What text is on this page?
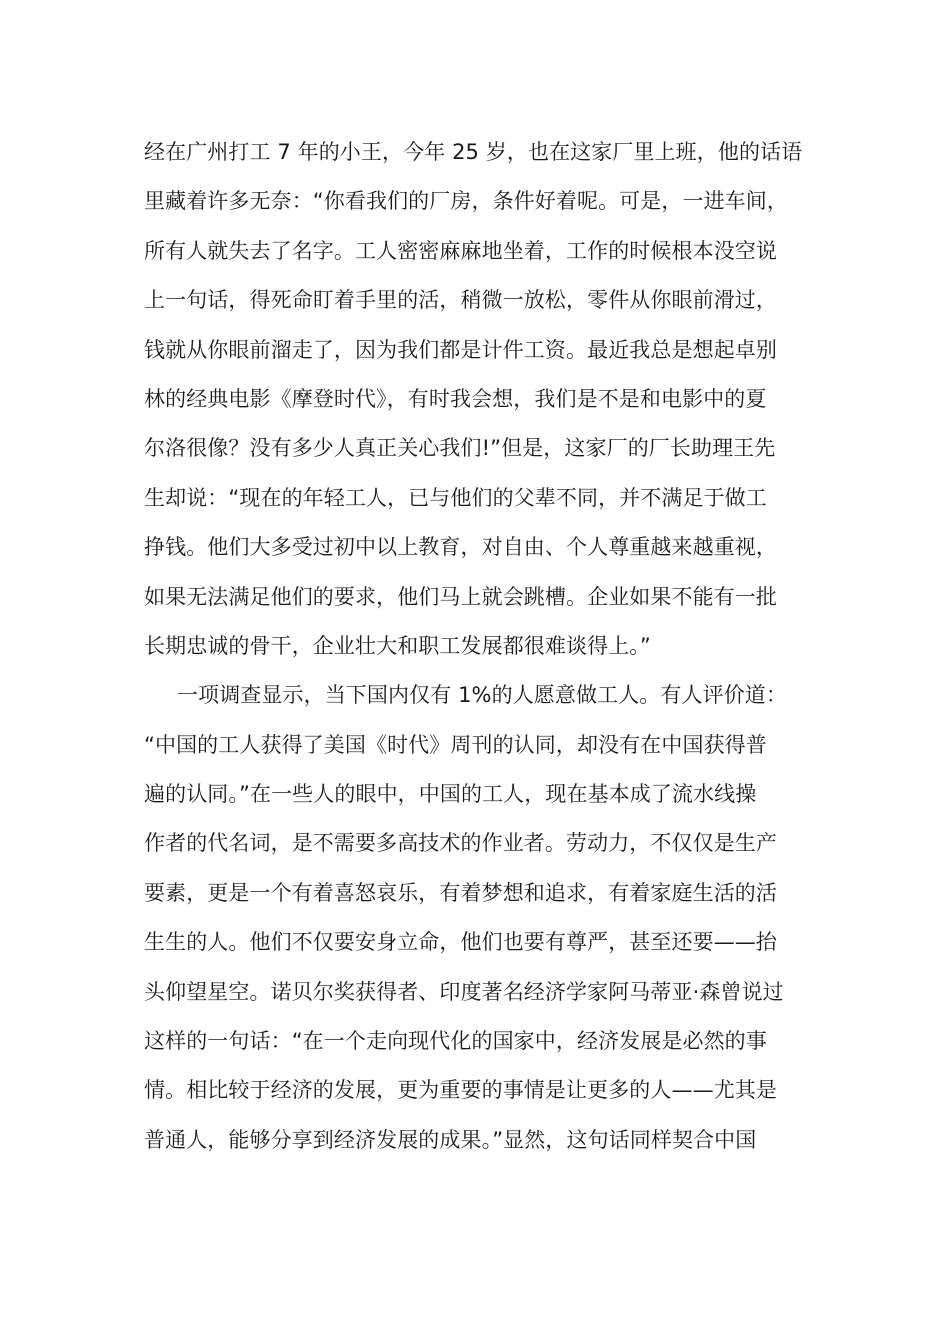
经在广州打工 7 年的小王，今年 25 岁，也在这家厂里上班，他的话语
里藏着许多无奈：“你看我们的厂房，条件好着呢。可是，一进车间，
所有人就失去了名字。工人密密麻麻地坐着，工作的时候根本没空说
上一句话，得死命盯着手里的活，稍微一放松，零件从你眼前滑过，
钱就从你眼前溜走了，因为我们都是计件工资。最近我总是想起卓别
林的经典电影《摩登时代》，有时我会想，我们是不是和电影中的夏
尔洛很像？没有多少人真正关心我们!”但是，这家厂的厂长助理王先
生却说：“现在的年轻工人，已与他们的父辈不同，并不满足于做工
挣钱。他们大多受过初中以上教育，对自由、个人尊重越来越重视，
如果无法满足他们的要求，他们马上就会跳槽。企业如果不能有一批
长期忠诚的骨干，企业壮大和职工发展都很难谈得上。”
一项调查显示，当下国内仅有 1%的人愿意做工人。有人评价道：
“中国的工人获得了美国《时代》周刊的认同，却没有在中国获得普
遍的认同。”在一些人的眼中，中国的工人，现在基本成了流水线操
作者的代名词，是不需要多高技术的作业者。劳动力，不仅仅是生产
要素，更是一个有着喜怒哀乐，有着梦想和追求，有着家庭生活的活
生生的人。他们不仅要安身立命，他们也要有尊严，甚至还要——抬
头仰望星空。诺贝尔奖获得者、印度著名经济学家阿马蒂亚·森曾说过
这样的一句话：“在一个走向现代化的国家中，经济发展是必然的事
情。相比较于经济的发展，更为重要的事情是让更多的人——尤其是
普通人，能够分享到经济发展的成果。”显然，这句话同样契合中国
